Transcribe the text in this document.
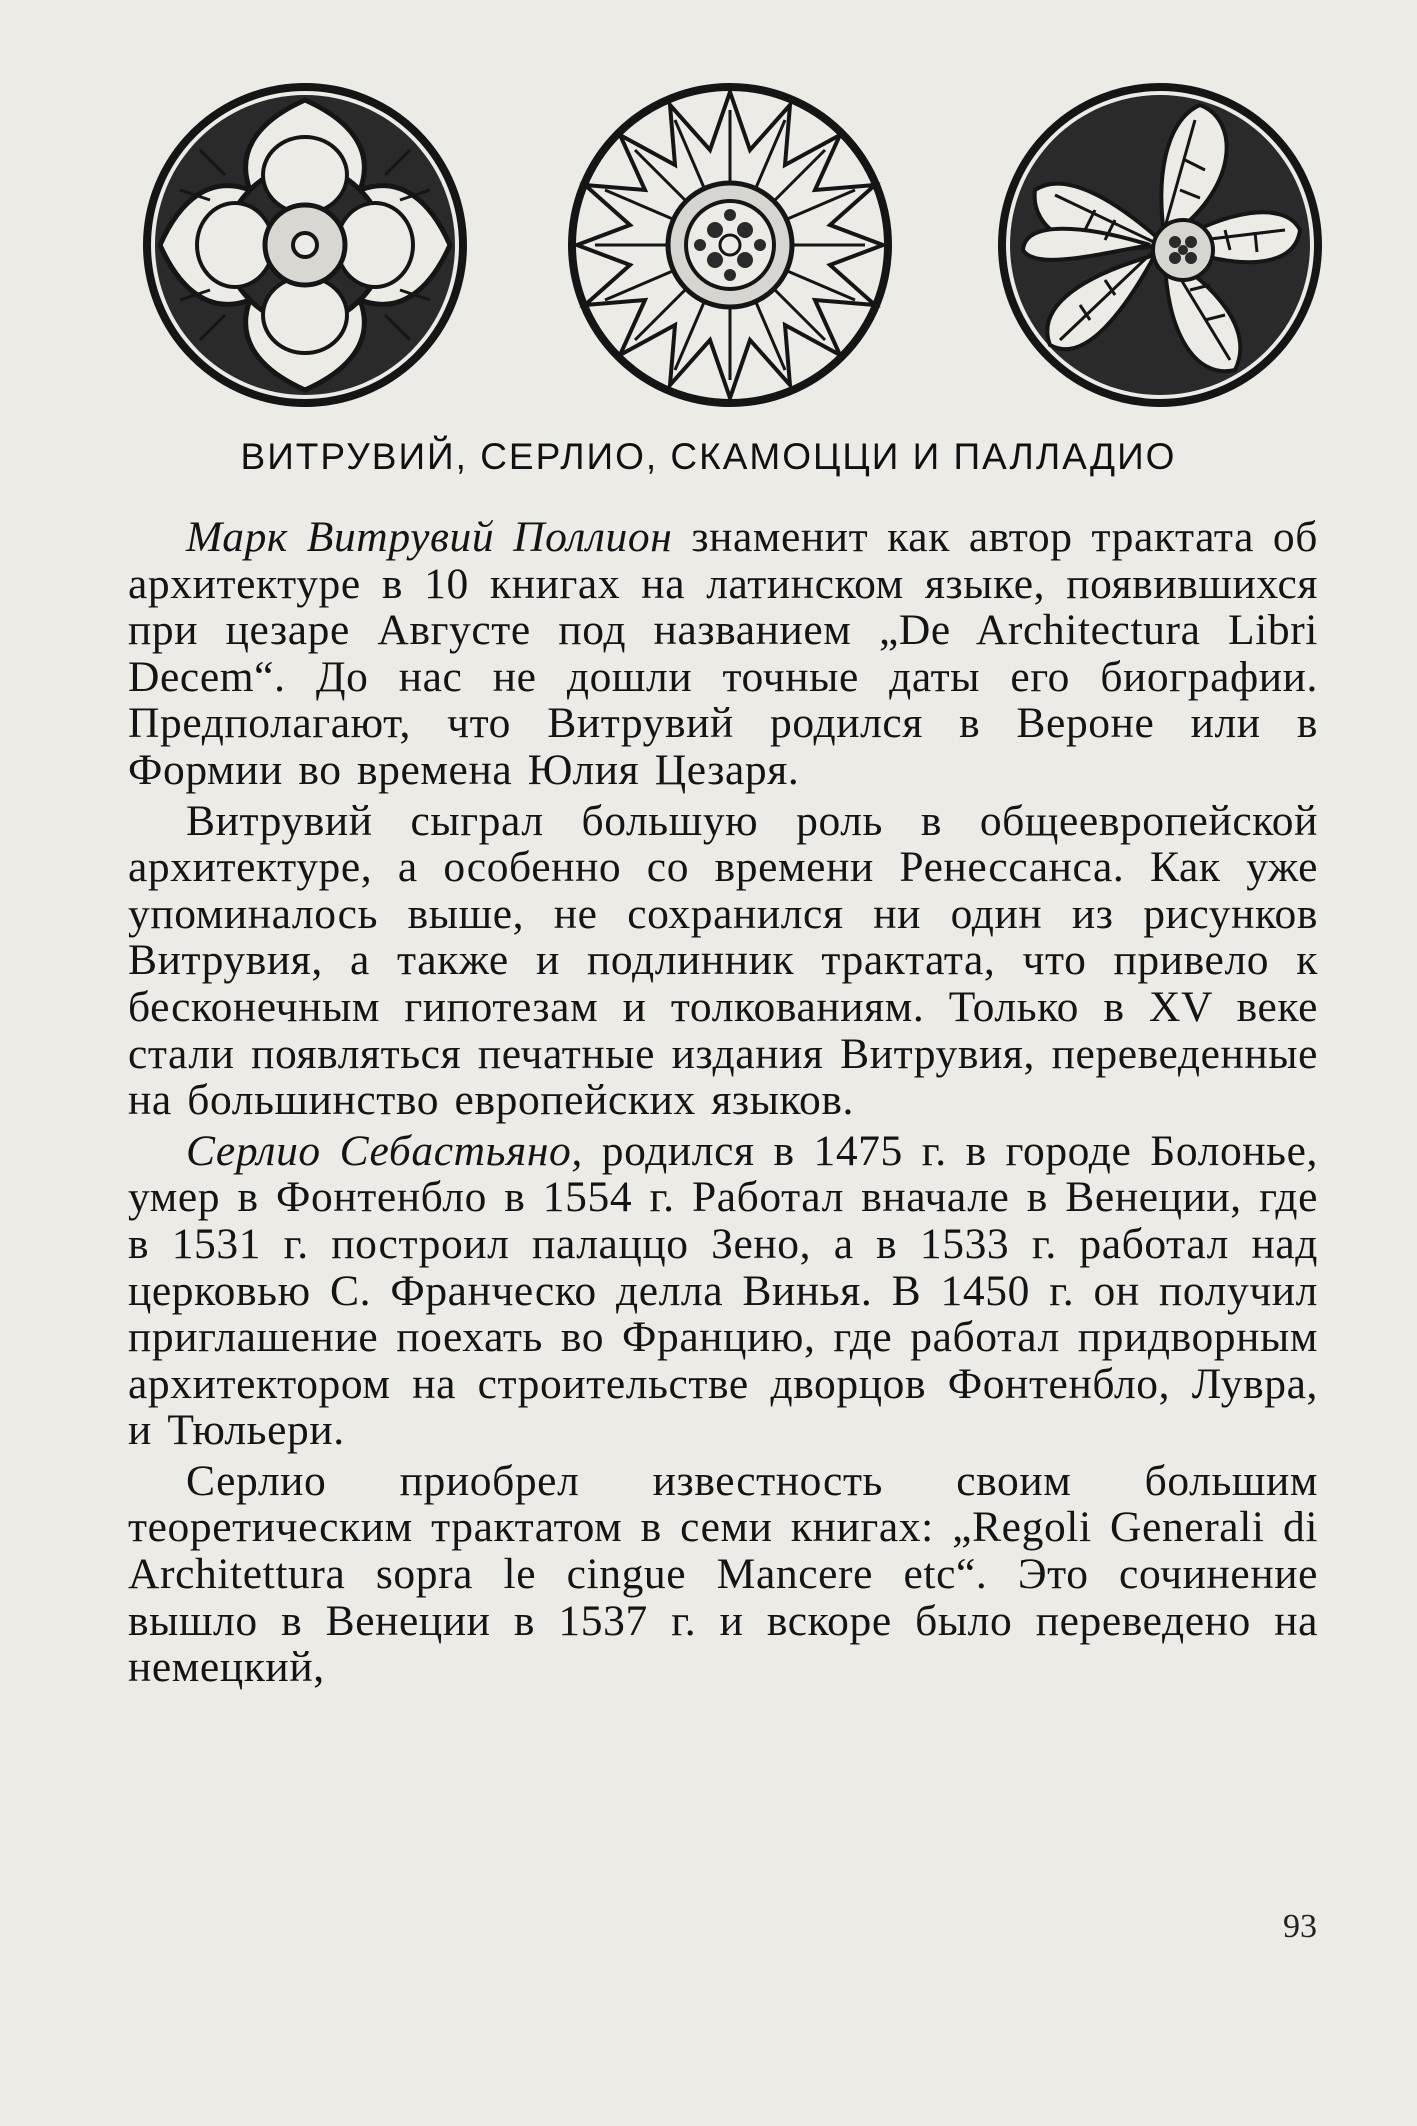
ВИТРУВИЙ, СЕРЛИО, СКАМОЦЦИ И ПАЛЛАДИО

Марк Витрувий Поллион знаменит как автор трактата об архитектуре в 10 книгах на латинском языке, появившихся при цезаре Августе под названием „De Architectura Libri Decem“. До нас не дошли точные даты его биографии. Предполагают, что Витрувий родился в Вероне или в Формии во времена Юлия Цезаря.

Витрувий сыграл большую роль в общеевропейской архитектуре, а особенно со времени Ренессанса. Как уже упоминалось выше, не сохранился ни один из рисунков Витрувия, а также и подлинник трактата, что привело к бесконечным гипотезам и толкованиям. Только в XV веке стали появляться печатные издания Витрувия, переведенные на большинство европейских языков.

Серлио Себастьяно, родился в 1475 г. в городе Болонье, умер в Фонтенбло в 1554 г. Работал вначале в Венеции, где в 1531 г. построил палаццо Зено, а в 1533 г. работал над церковью С. Франческо делла Винья. В 1450 г. он получил приглашение поехать во Францию, где работал придворным архитектором на строительстве дворцов Фонтенбло, Лувра, и Тюльери.

Серлио приобрел известность своим большим теоретическим трактатом в семи книгах: „Regoli Generali di Architettura sopra le cingue Mancere etc“. Это сочинение вышло в Венеции в 1537 г. и вскоре было переведено на немецкий,

93
